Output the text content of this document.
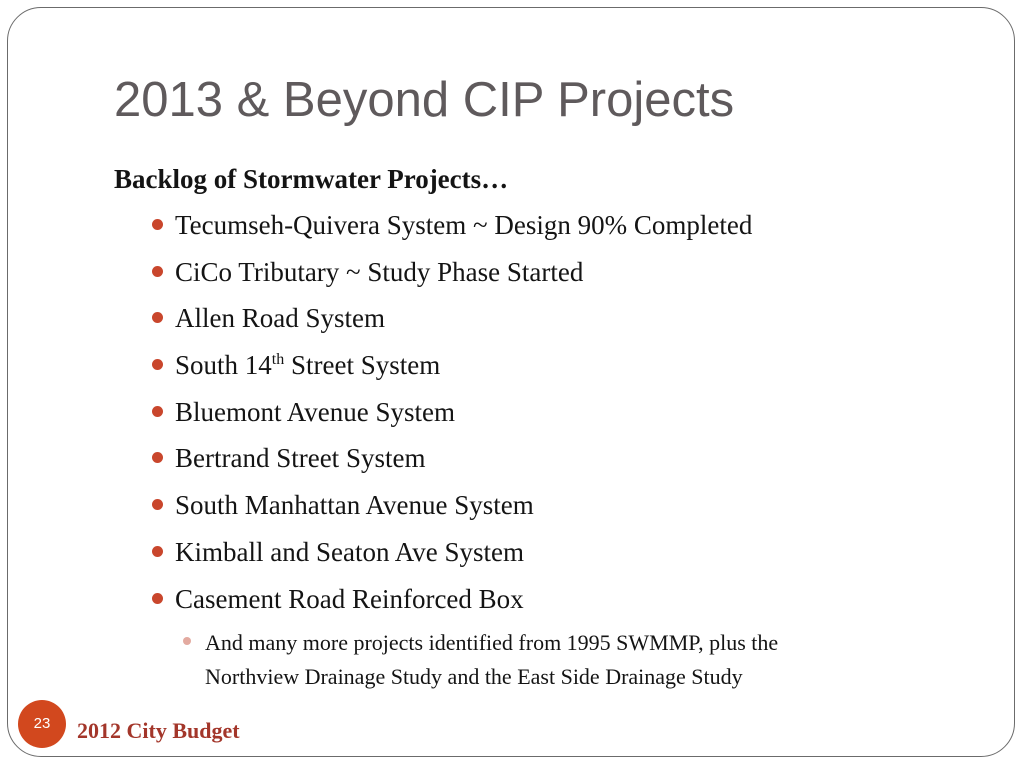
2013 & Beyond CIP Projects
Backlog of Stormwater Projects…
Tecumseh-Quivera System ~ Design 90% Completed
CiCo Tributary ~ Study Phase Started
Allen Road System
South 14th Street System
Bluemont Avenue System
Bertrand Street System
South Manhattan Avenue System
Kimball and Seaton Ave System
Casement Road Reinforced Box
And many more projects identified from 1995 SWMMP, plus the
Northview Drainage Study and the East Side Drainage Study
23	2012 City Budget
